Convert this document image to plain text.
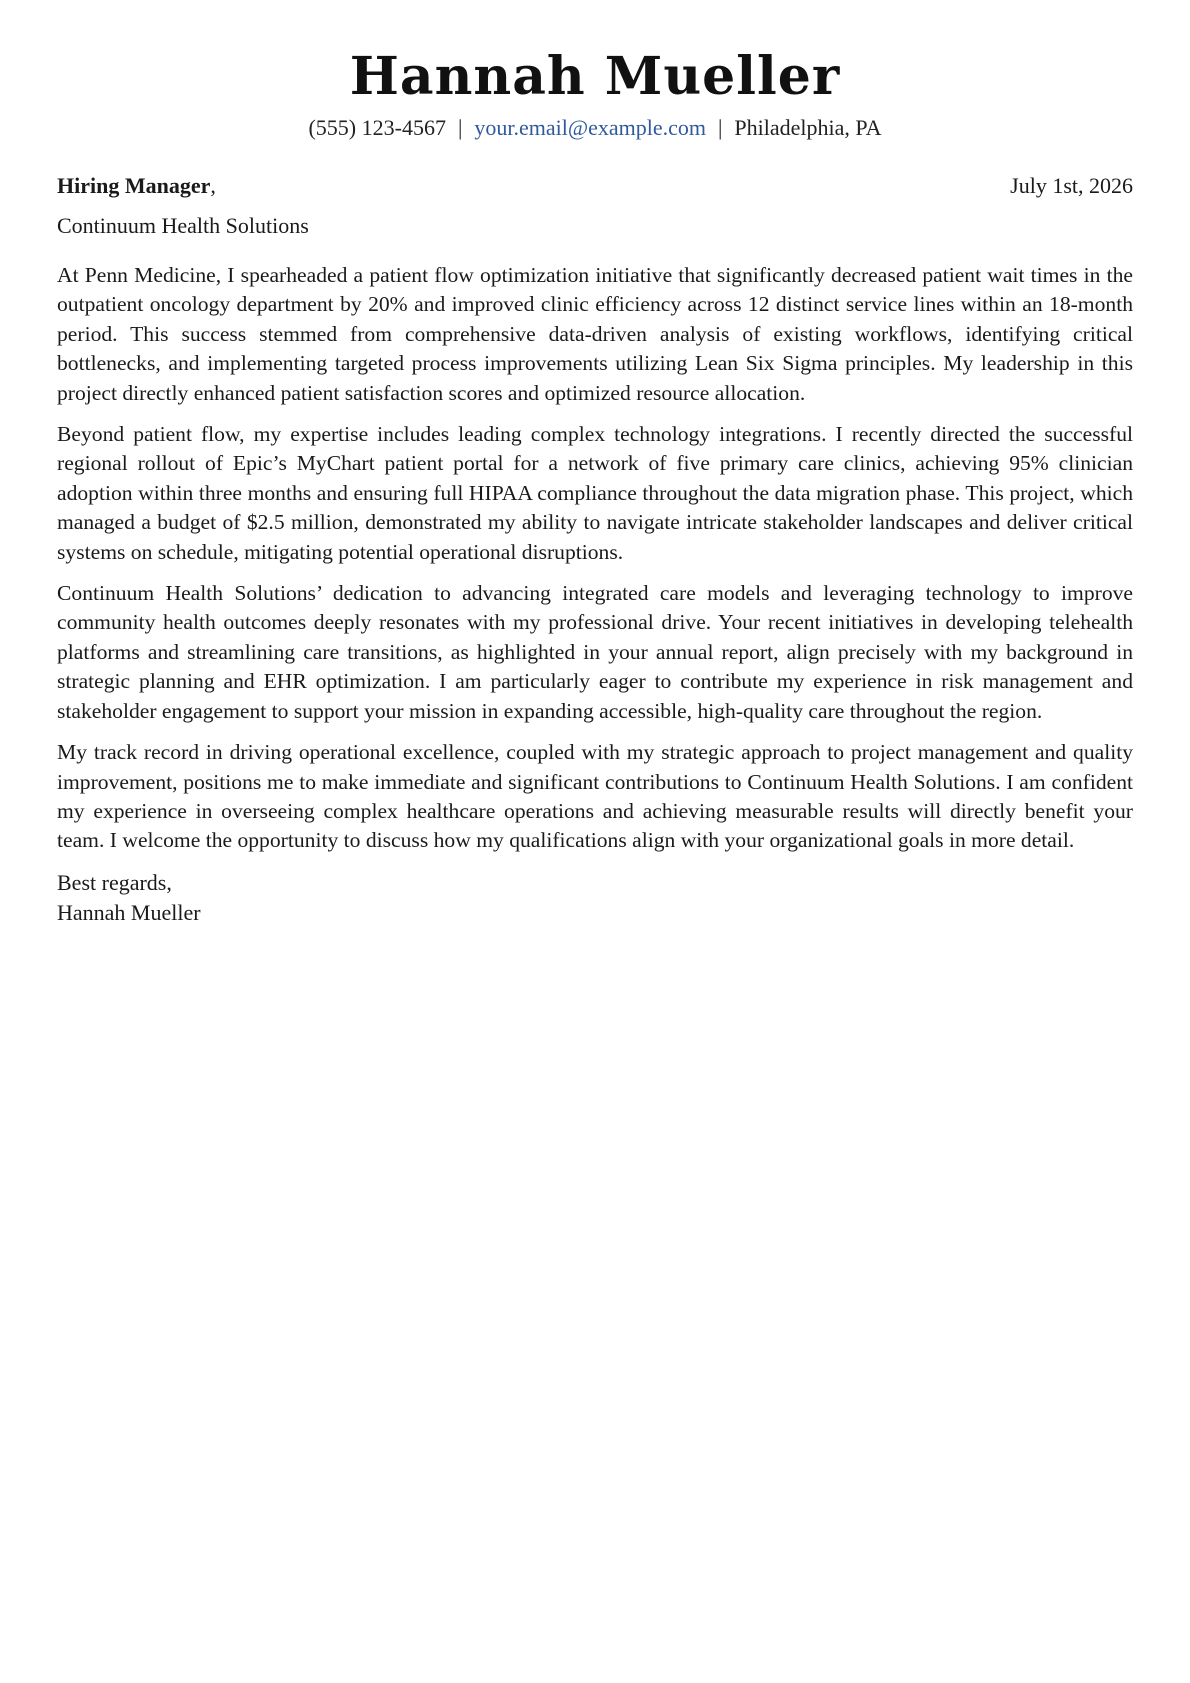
Hannah Mueller
(555) 123-4567 | your.email@example.com | Philadelphia, PA
Hiring Manager,	July 1st, 2026
Continuum Health Solutions

At Penn Medicine, I spearheaded a patient flow optimization initiative that significantly decreased patient wait times in the outpatient oncology department by 20% and improved clinic efficiency across 12 distinct service lines within an 18-month period. This success stemmed from comprehensive data-driven analysis of existing workflows, identifying critical bottlenecks, and implementing targeted process improvements utilizing Lean Six Sigma principles. My leadership in this project directly enhanced patient satisfaction scores and optimized resource allocation.

Beyond patient flow, my expertise includes leading complex technology integrations. I recently directed the successful regional rollout of Epic’s MyChart patient portal for a network of five primary care clinics, achieving 95% clinician adoption within three months and ensuring full HIPAA compliance throughout the data migration phase. This project, which managed a budget of $2.5 million, demonstrated my ability to navigate intricate stakeholder landscapes and deliver critical systems on schedule, mitigating potential operational disruptions.

Continuum Health Solutions’ dedication to advancing integrated care models and leveraging technology to improve community health outcomes deeply resonates with my professional drive. Your recent initiatives in developing telehealth platforms and streamlining care transitions, as highlighted in your annual report, align precisely with my background in strategic planning and EHR optimization. I am particularly eager to contribute my experience in risk management and stakeholder engagement to support your mission in expanding accessible, high-quality care throughout the region.

My track record in driving operational excellence, coupled with my strategic approach to project management and quality improvement, positions me to make immediate and significant contributions to Continuum Health Solutions. I am confident my experience in overseeing complex healthcare operations and achieving measurable results will directly benefit your team. I welcome the opportunity to discuss how my qualifications align with your organizational goals in more detail.

Best regards,
Hannah Mueller
